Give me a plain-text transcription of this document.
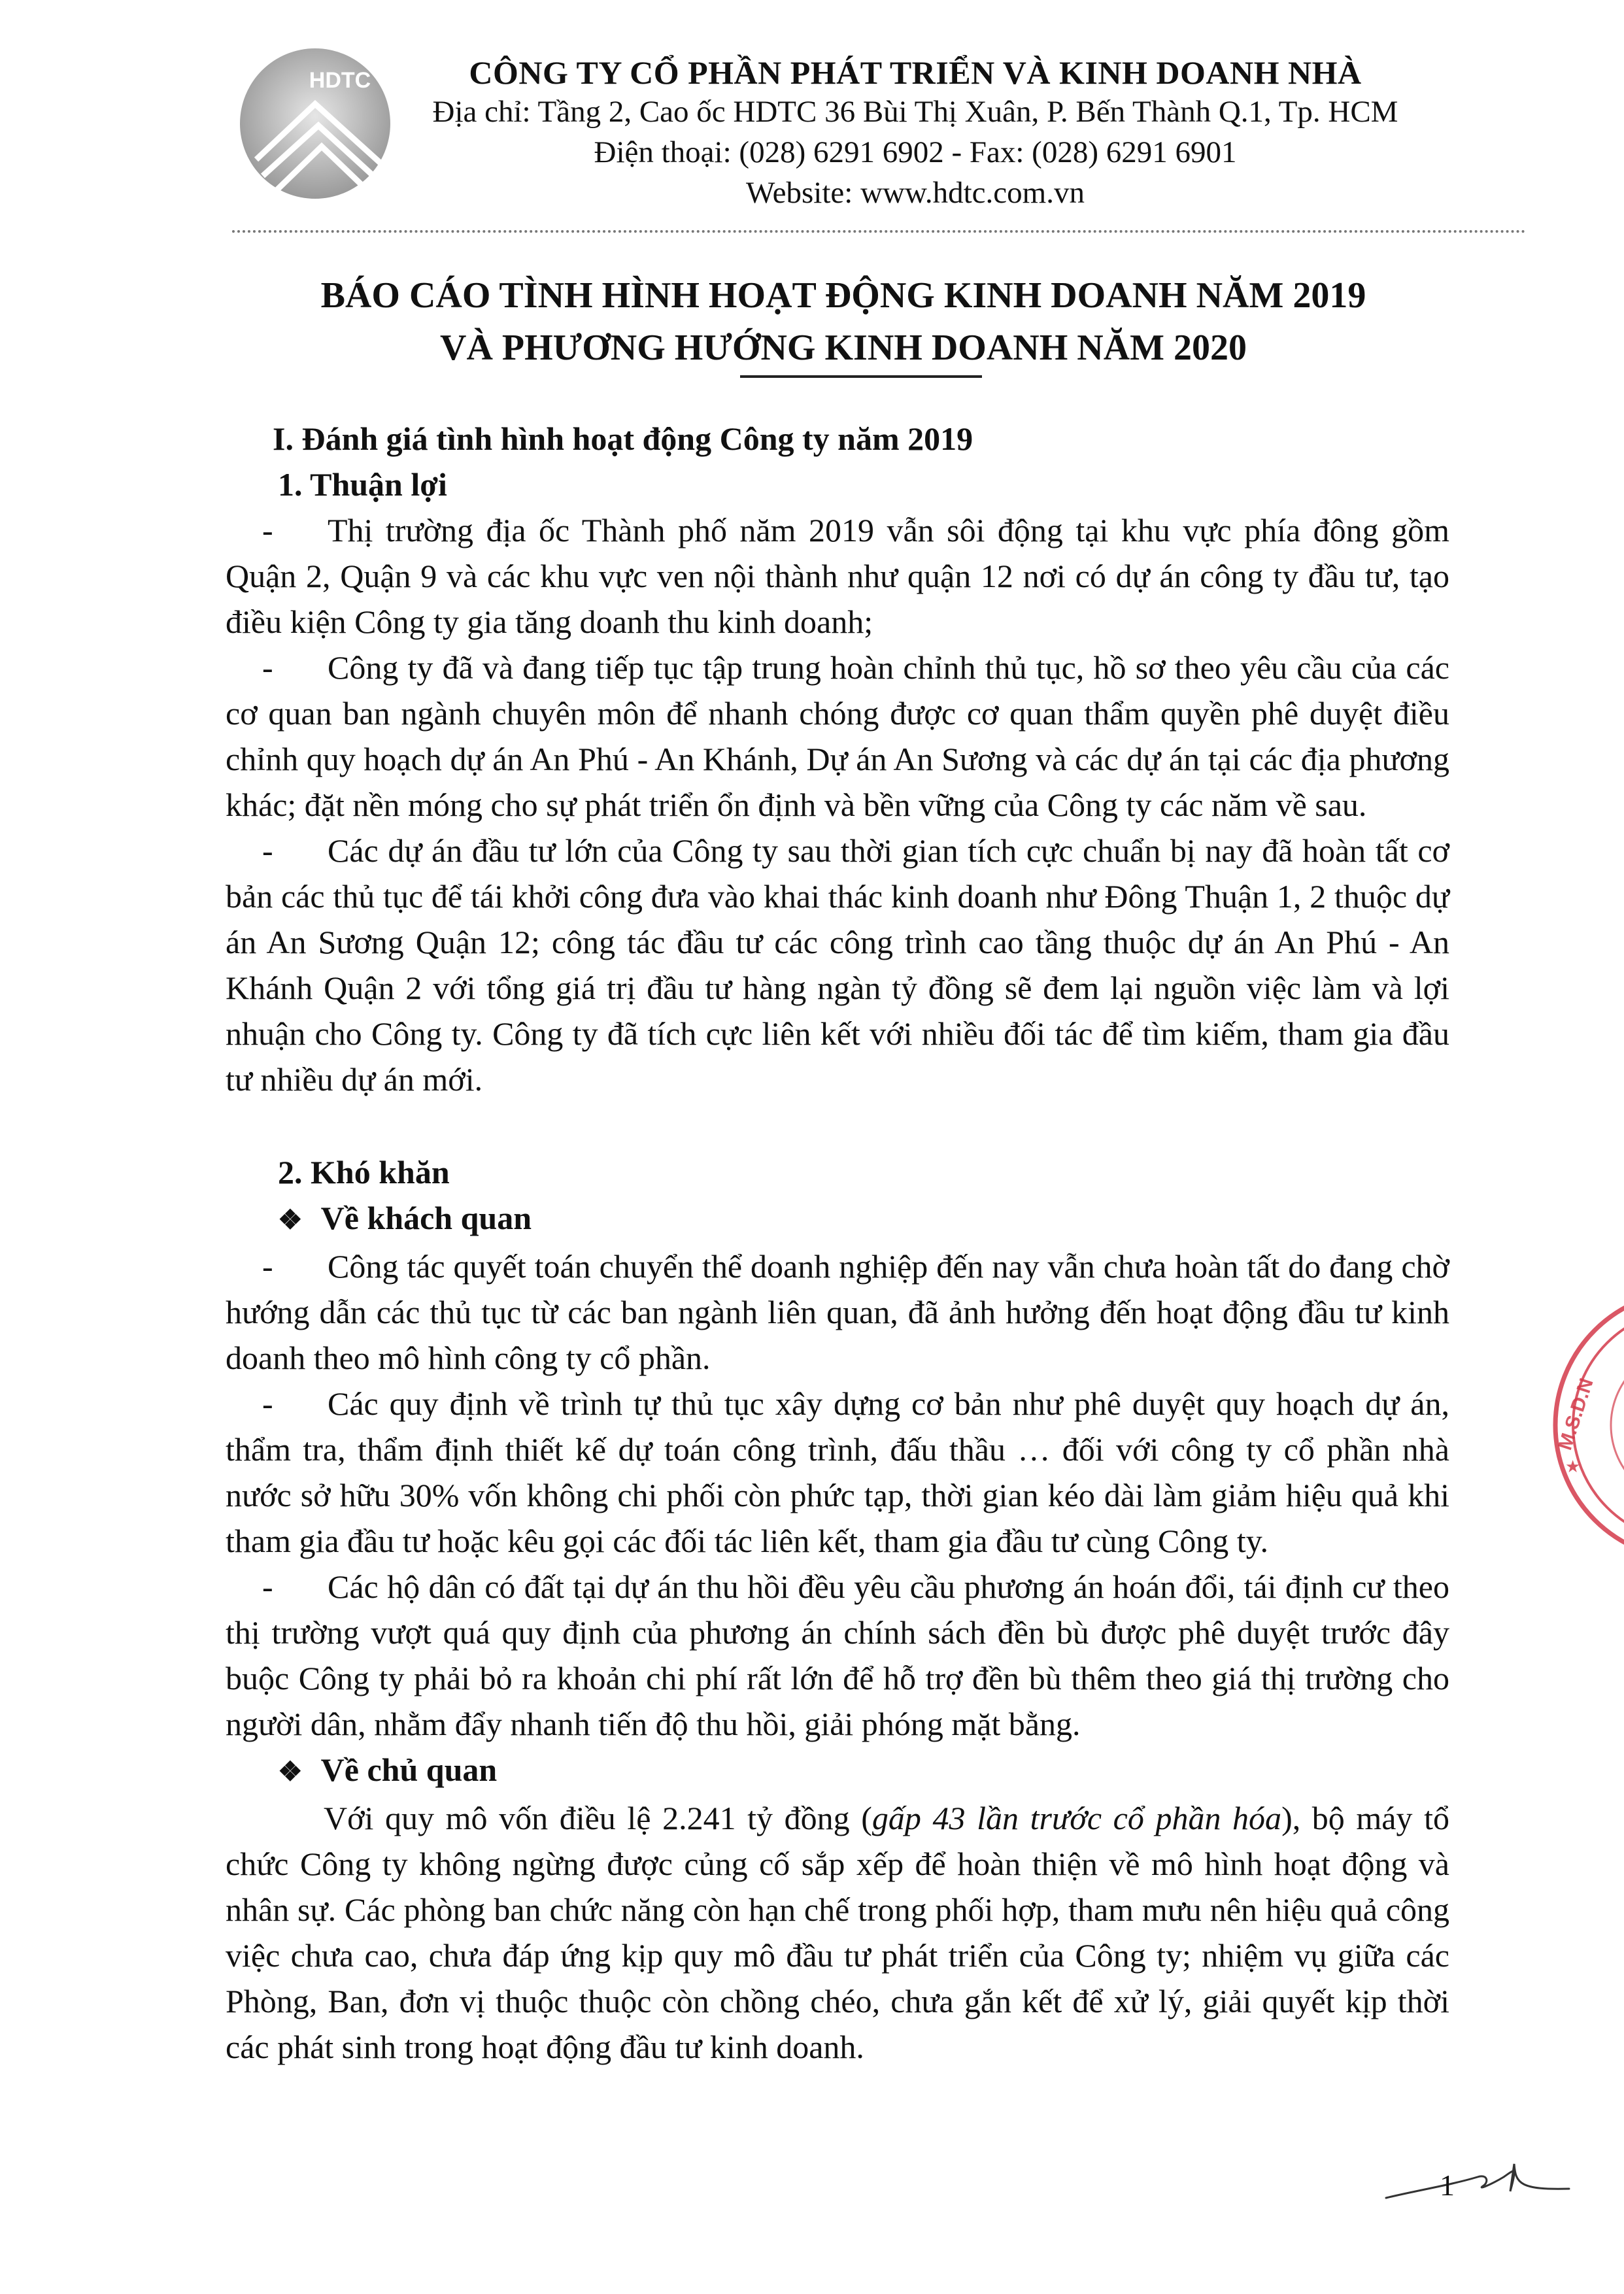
HDTC	CÔNG TY CỔ PHẦN PHÁT TRIỂN VÀ KINH DOANH NHÀ
Địa chỉ: Tầng 2, Cao ốc HDTC 36 Bùi Thị Xuân, P. Bến Thành Q.1, Tp. HCM
Điện thoại: (028) 6291 6902 - Fax: (028) 6291 6901
Website: www.hdtc.com.vn
BÁO CÁO TÌNH HÌNH HOẠT ĐỘNG KINH DOANH NĂM 2019
VÀ PHƯƠNG HƯỚNG KINH DOANH NĂM 2020

I. Đánh giá tình hình hoạt động Công ty năm 2019

1. Thuận lợi

- Thị trường địa ốc Thành phố năm 2019 vẫn sôi động tại khu vực phía đông gồm Quận 2, Quận 9 và các khu vực ven nội thành như quận 12 nơi có dự án công ty đầu tư, tạo điều kiện Công ty gia tăng doanh thu kinh doanh;

- Công ty đã và đang tiếp tục tập trung hoàn chỉnh thủ tục, hồ sơ theo yêu cầu của các cơ quan ban ngành chuyên môn để nhanh chóng được cơ quan thẩm quyền phê duyệt điều chỉnh quy hoạch dự án An Phú - An Khánh, Dự án An Sương và các dự án tại các địa phương khác; đặt nền móng cho sự phát triển ổn định và bền vững của Công ty các năm về sau.

- Các dự án đầu tư lớn của Công ty sau thời gian tích cực chuẩn bị nay đã hoàn tất cơ bản các thủ tục để tái khởi công đưa vào khai thác kinh doanh như Đông Thuận 1, 2 thuộc dự án An Sương Quận 12; công tác đầu tư các công trình cao tầng thuộc dự án An Phú - An Khánh Quận 2 với tổng giá trị đầu tư hàng ngàn tỷ đồng sẽ đem lại nguồn việc làm và lợi nhuận cho Công ty. Công ty đã tích cực liên kết với nhiều đối tác để tìm kiếm, tham gia đầu tư nhiều dự án mới.

2. Khó khăn

❖ Về khách quan

- Công tác quyết toán chuyển thể doanh nghiệp đến nay vẫn chưa hoàn tất do đang chờ hướng dẫn các thủ tục từ các ban ngành liên quan, đã ảnh hưởng đến hoạt động đầu tư kinh doanh theo mô hình công ty cổ phần.

- Các quy định về trình tự thủ tục xây dựng cơ bản như phê duyệt quy hoạch dự án, thẩm tra, thẩm định thiết kế dự toán công trình, đấu thầu … đối với công ty cổ phần nhà nước sở hữu 30% vốn không chi phối còn phức tạp, thời gian kéo dài làm giảm hiệu quả khi tham gia đầu tư hoặc kêu gọi các đối tác liên kết, tham gia đầu tư cùng Công ty.

- Các hộ dân có đất tại dự án thu hồi đều yêu cầu phương án hoán đổi, tái định cư theo thị trường vượt quá quy định của phương án chính sách đền bù được phê duyệt trước đây buộc Công ty phải bỏ ra khoản chi phí rất lớn để hỗ trợ đền bù thêm theo giá thị trường cho người dân, nhằm đẩy nhanh tiến độ thu hồi, giải phóng mặt bằng.

❖ Về chủ quan

Với quy mô vốn điều lệ 2.241 tỷ đồng (gấp 43 lần trước cổ phần hóa), bộ máy tổ chức Công ty không ngừng được củng cố sắp xếp để hoàn thiện về mô hình hoạt động và nhân sự. Các phòng ban chức năng còn hạn chế trong phối hợp, tham mưu nên hiệu quả công việc chưa cao, chưa đáp ứng kịp quy mô đầu tư phát triển của Công ty; nhiệm vụ giữa các Phòng, Ban, đơn vị thuộc thuộc còn chồng chéo, chưa gắn kết để xử lý, giải quyết kịp thời các phát sinh trong hoạt động đầu tư kinh doanh.

M.S.D.N
★
1
